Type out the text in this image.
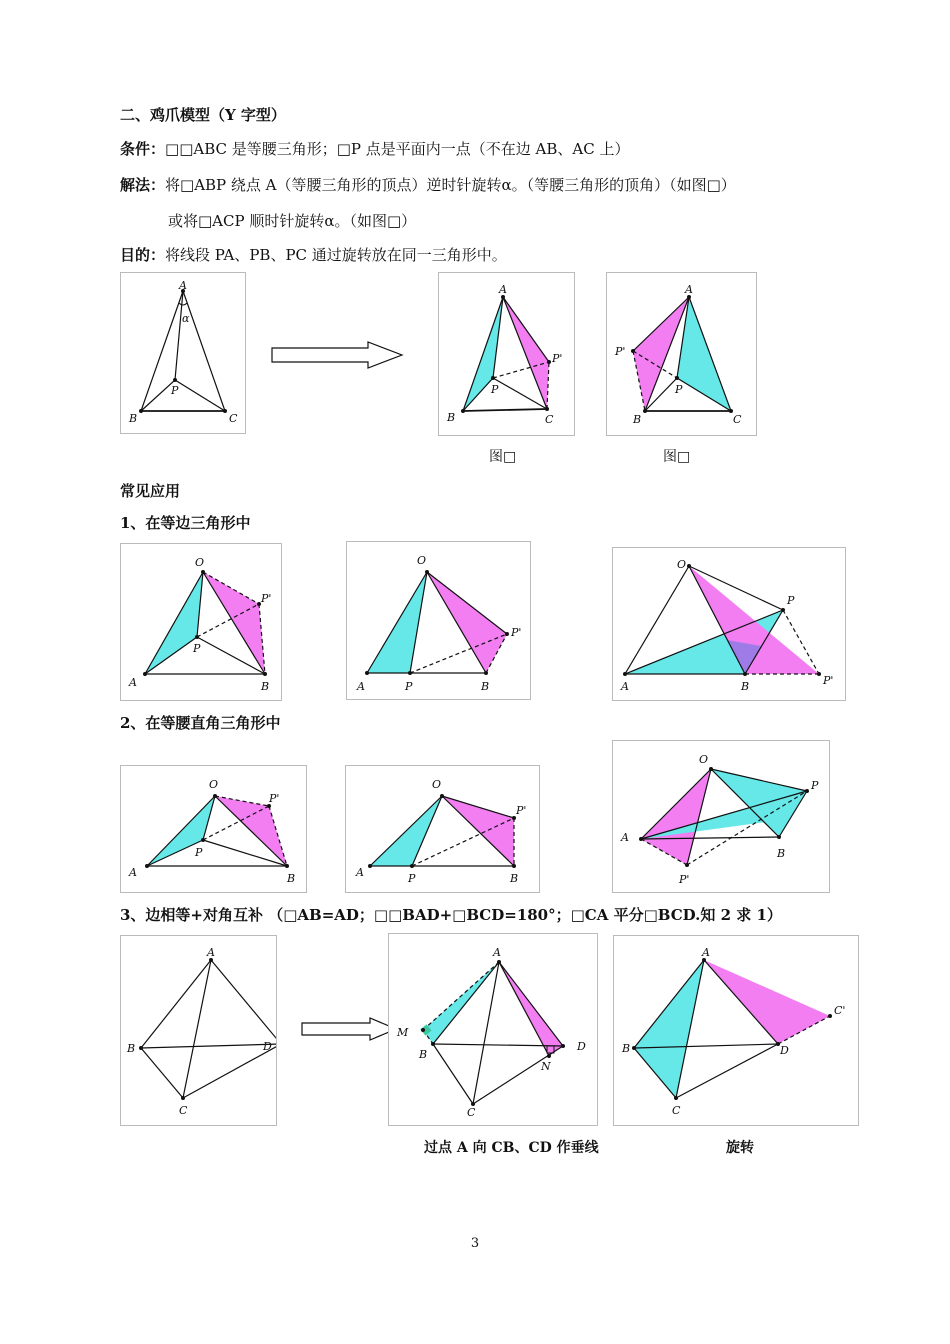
二、鸡爪模型（Y 字型）
条件：□□ABC 是等腰三角形；□P 点是平面内一点（不在边 AB、AC 上）
解法：将□ABP 绕点 A（等腰三角形的顶点）逆时针旋转α。（等腰三角形的顶角）（如图□）
或将□ACP 顺时针旋转α。（如图□）
目的：将线段 PA、PB、PC 通过旋转放在同一三角形中。
A
α
B	C
P
A
B	C
P
P'
A
B	C
P
P'
图□	图□
常见应用
1、在等边三角形中
O
A	B
P
P'
O
A	B
P
P'
O
A	B
P
P'
2、在等腰直角三角形中
O
A	B
P
P'
O
A	B
P
P'
O
A
B
P
P'
3、边相等+对角互补 （□AB=AD；□□BAD+□BCD=180°；□CA 平分□BCD.知 2 求 1）
A
B
C
D
A
B
C
D
M
N
A
B
C
D
C'
过点 A 向 CB、CD 作垂线	旋转
3
